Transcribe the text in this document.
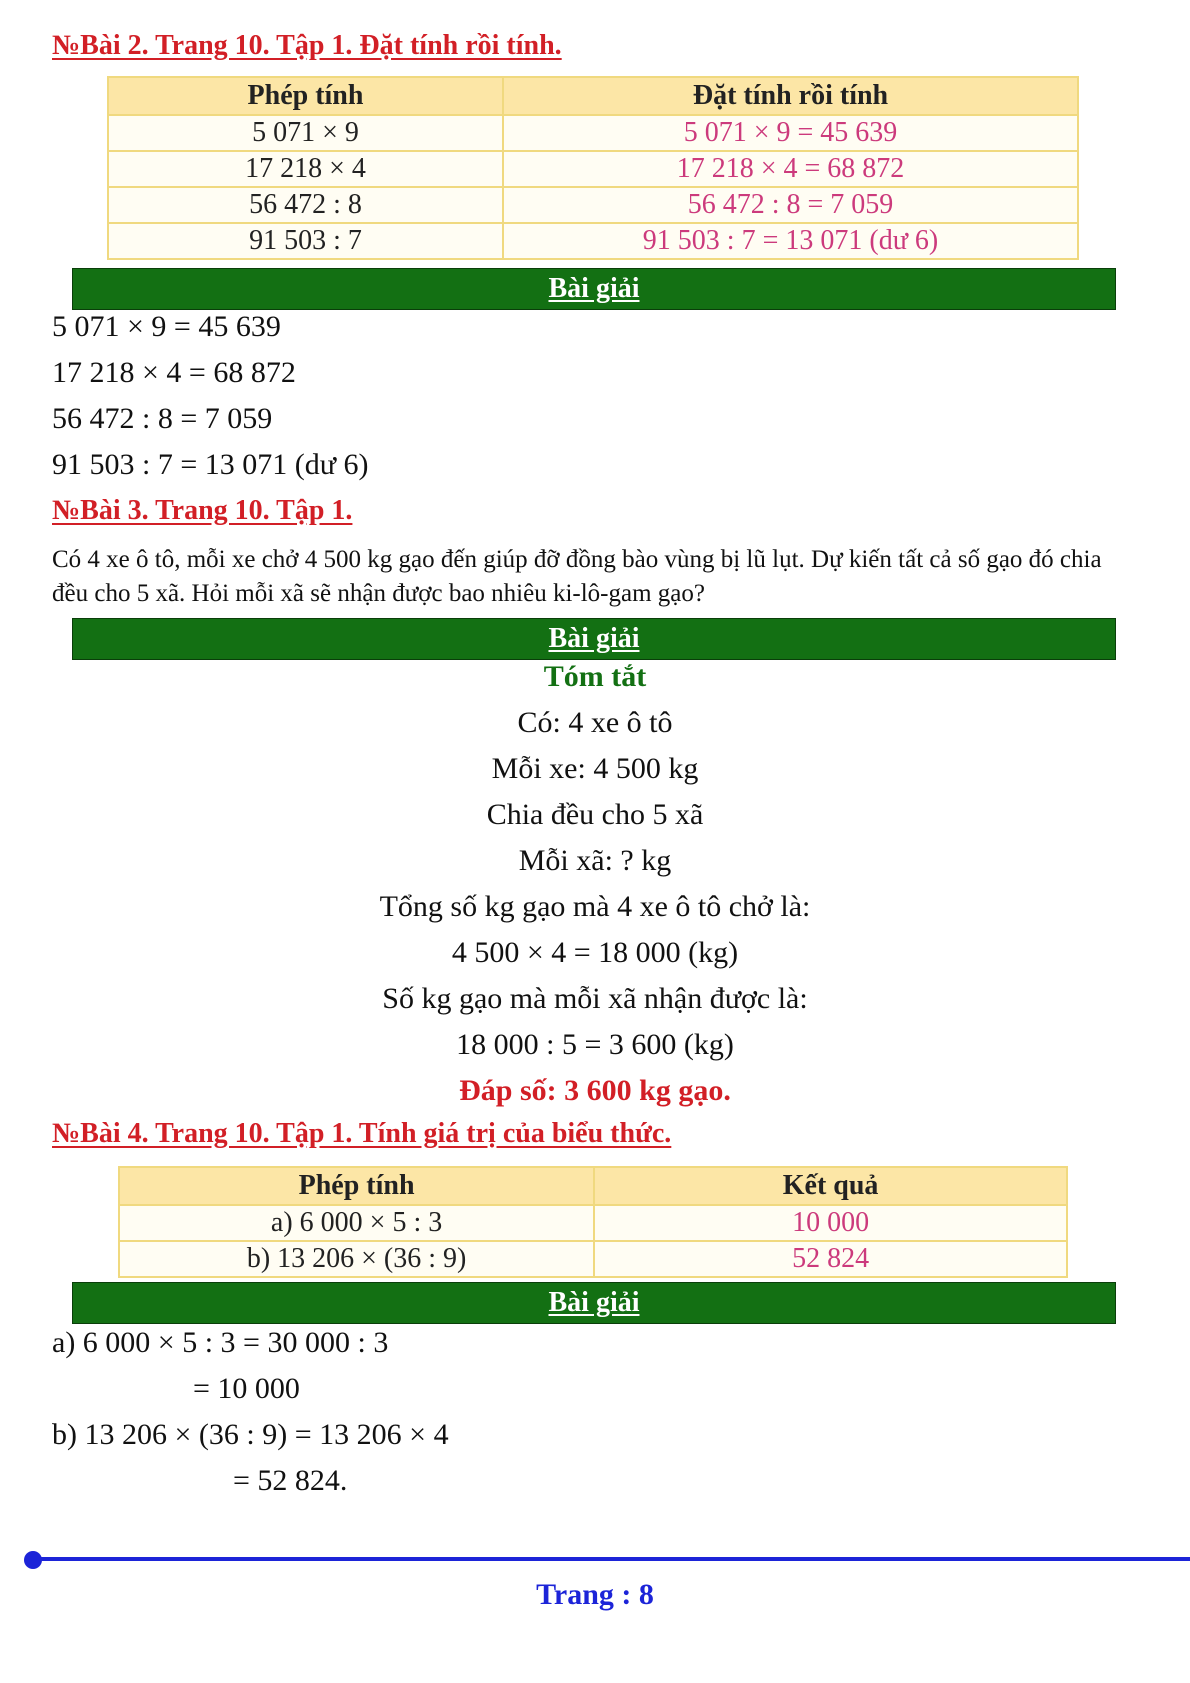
№Bài 2. Trang 10. Tập 1. Đặt tính rồi tính.
Phép tính	Đặt tính rồi tính
5 071 × 9	5 071 × 9 = 45 639
17 218 × 4	17 218 × 4 = 68 872
56 472 : 8	56 472 : 8 = 7 059
91 503 : 7	91 503 : 7 = 13 071 (dư 6)
Bài giải

5 071 × 9 = 45 639

17 218 × 4 = 68 872

56 472 : 8 = 7 059

91 503 : 7 = 13 071 (dư 6)

№Bài 3. Trang 10. Tập 1.

Có 4 xe ô tô, mỗi xe chở 4 500 kg gạo đến giúp đỡ đồng bào vùng bị lũ lụt. Dự kiến tất cả số gạo đó chia đều cho 5 xã. Hỏi mỗi xã sẽ nhận được bao nhiêu ki-lô-gam gạo?

Bài giải

Tóm tắt

Có: 4 xe ô tô

Mỗi xe: 4 500 kg

Chia đều cho 5 xã

Mỗi xã: ? kg

Tổng số kg gạo mà 4 xe ô tô chở là:

4 500 × 4 = 18 000 (kg)

Số kg gạo mà mỗi xã nhận được là:

18 000 : 5 = 3 600 (kg)

Đáp số: 3 600 kg gạo.

№Bài 4. Trang 10. Tập 1. Tính giá trị của biểu thức.
Phép tính	Kết quả
a) 6 000 × 5 : 3	10 000
b) 13 206 × (36 : 9)	52 824
Bài giải

a) 6 000 × 5 : 3 = 30 000 : 3

= 10 000

b) 13 206 × (36 : 9) = 13 206 × 4

= 52 824.

Trang : 8
